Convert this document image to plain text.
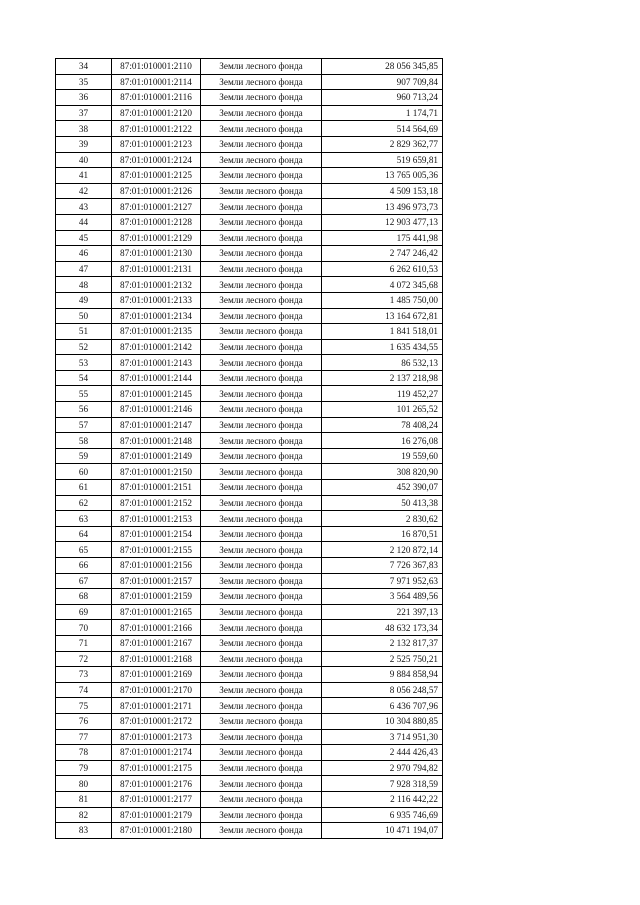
34	87:01:010001:2110	Земли лесного фонда	28 056 345,85
35	87:01:010001:2114	Земли лесного фонда	907 709,84
36	87:01:010001:2116	Земли лесного фонда	960 713,24
37	87:01:010001:2120	Земли лесного фонда	1 174,71
38	87:01:010001:2122	Земли лесного фонда	514 564,69
39	87:01:010001:2123	Земли лесного фонда	2 829 362,77
40	87:01:010001:2124	Земли лесного фонда	519 659,81
41	87:01:010001:2125	Земли лесного фонда	13 765 005,36
42	87:01:010001:2126	Земли лесного фонда	4 509 153,18
43	87:01:010001:2127	Земли лесного фонда	13 496 973,73
44	87:01:010001:2128	Земли лесного фонда	12 903 477,13
45	87:01:010001:2129	Земли лесного фонда	175 441,98
46	87:01:010001:2130	Земли лесного фонда	2 747 246,42
47	87:01:010001:2131	Земли лесного фонда	6 262 610,53
48	87:01:010001:2132	Земли лесного фонда	4 072 345,68
49	87:01:010001:2133	Земли лесного фонда	1 485 750,00
50	87:01:010001:2134	Земли лесного фонда	13 164 672,81
51	87:01:010001:2135	Земли лесного фонда	1 841 518,01
52	87:01:010001:2142	Земли лесного фонда	1 635 434,55
53	87:01:010001:2143	Земли лесного фонда	86 532,13
54	87:01:010001:2144	Земли лесного фонда	2 137 218,98
55	87:01:010001:2145	Земли лесного фонда	119 452,27
56	87:01:010001:2146	Земли лесного фонда	101 265,52
57	87:01:010001:2147	Земли лесного фонда	78 408,24
58	87:01:010001:2148	Земли лесного фонда	16 276,08
59	87:01:010001:2149	Земли лесного фонда	19 559,60
60	87:01:010001:2150	Земли лесного фонда	308 820,90
61	87:01:010001:2151	Земли лесного фонда	452 390,07
62	87:01:010001:2152	Земли лесного фонда	50 413,38
63	87:01:010001:2153	Земли лесного фонда	2 830,62
64	87:01:010001:2154	Земли лесного фонда	16 870,51
65	87:01:010001:2155	Земли лесного фонда	2 120 872,14
66	87:01:010001:2156	Земли лесного фонда	7 726 367,83
67	87:01:010001:2157	Земли лесного фонда	7 971 952,63
68	87:01:010001:2159	Земли лесного фонда	3 564 489,56
69	87:01:010001:2165	Земли лесного фонда	221 397,13
70	87:01:010001:2166	Земли лесного фонда	48 632 173,34
71	87:01:010001:2167	Земли лесного фонда	2 132 817,37
72	87:01:010001:2168	Земли лесного фонда	2 525 750,21
73	87:01:010001:2169	Земли лесного фонда	9 884 858,94
74	87:01:010001:2170	Земли лесного фонда	8 056 248,57
75	87:01:010001:2171	Земли лесного фонда	6 436 707,96
76	87:01:010001:2172	Земли лесного фонда	10 304 880,85
77	87:01:010001:2173	Земли лесного фонда	3 714 951,30
78	87:01:010001:2174	Земли лесного фонда	2 444 426,43
79	87:01:010001:2175	Земли лесного фонда	2 970 794,82
80	87:01:010001:2176	Земли лесного фонда	7 928 318,59
81	87:01:010001:2177	Земли лесного фонда	2 116 442,22
82	87:01:010001:2179	Земли лесного фонда	6 935 746,69
83	87:01:010001:2180	Земли лесного фонда	10 471 194,07
